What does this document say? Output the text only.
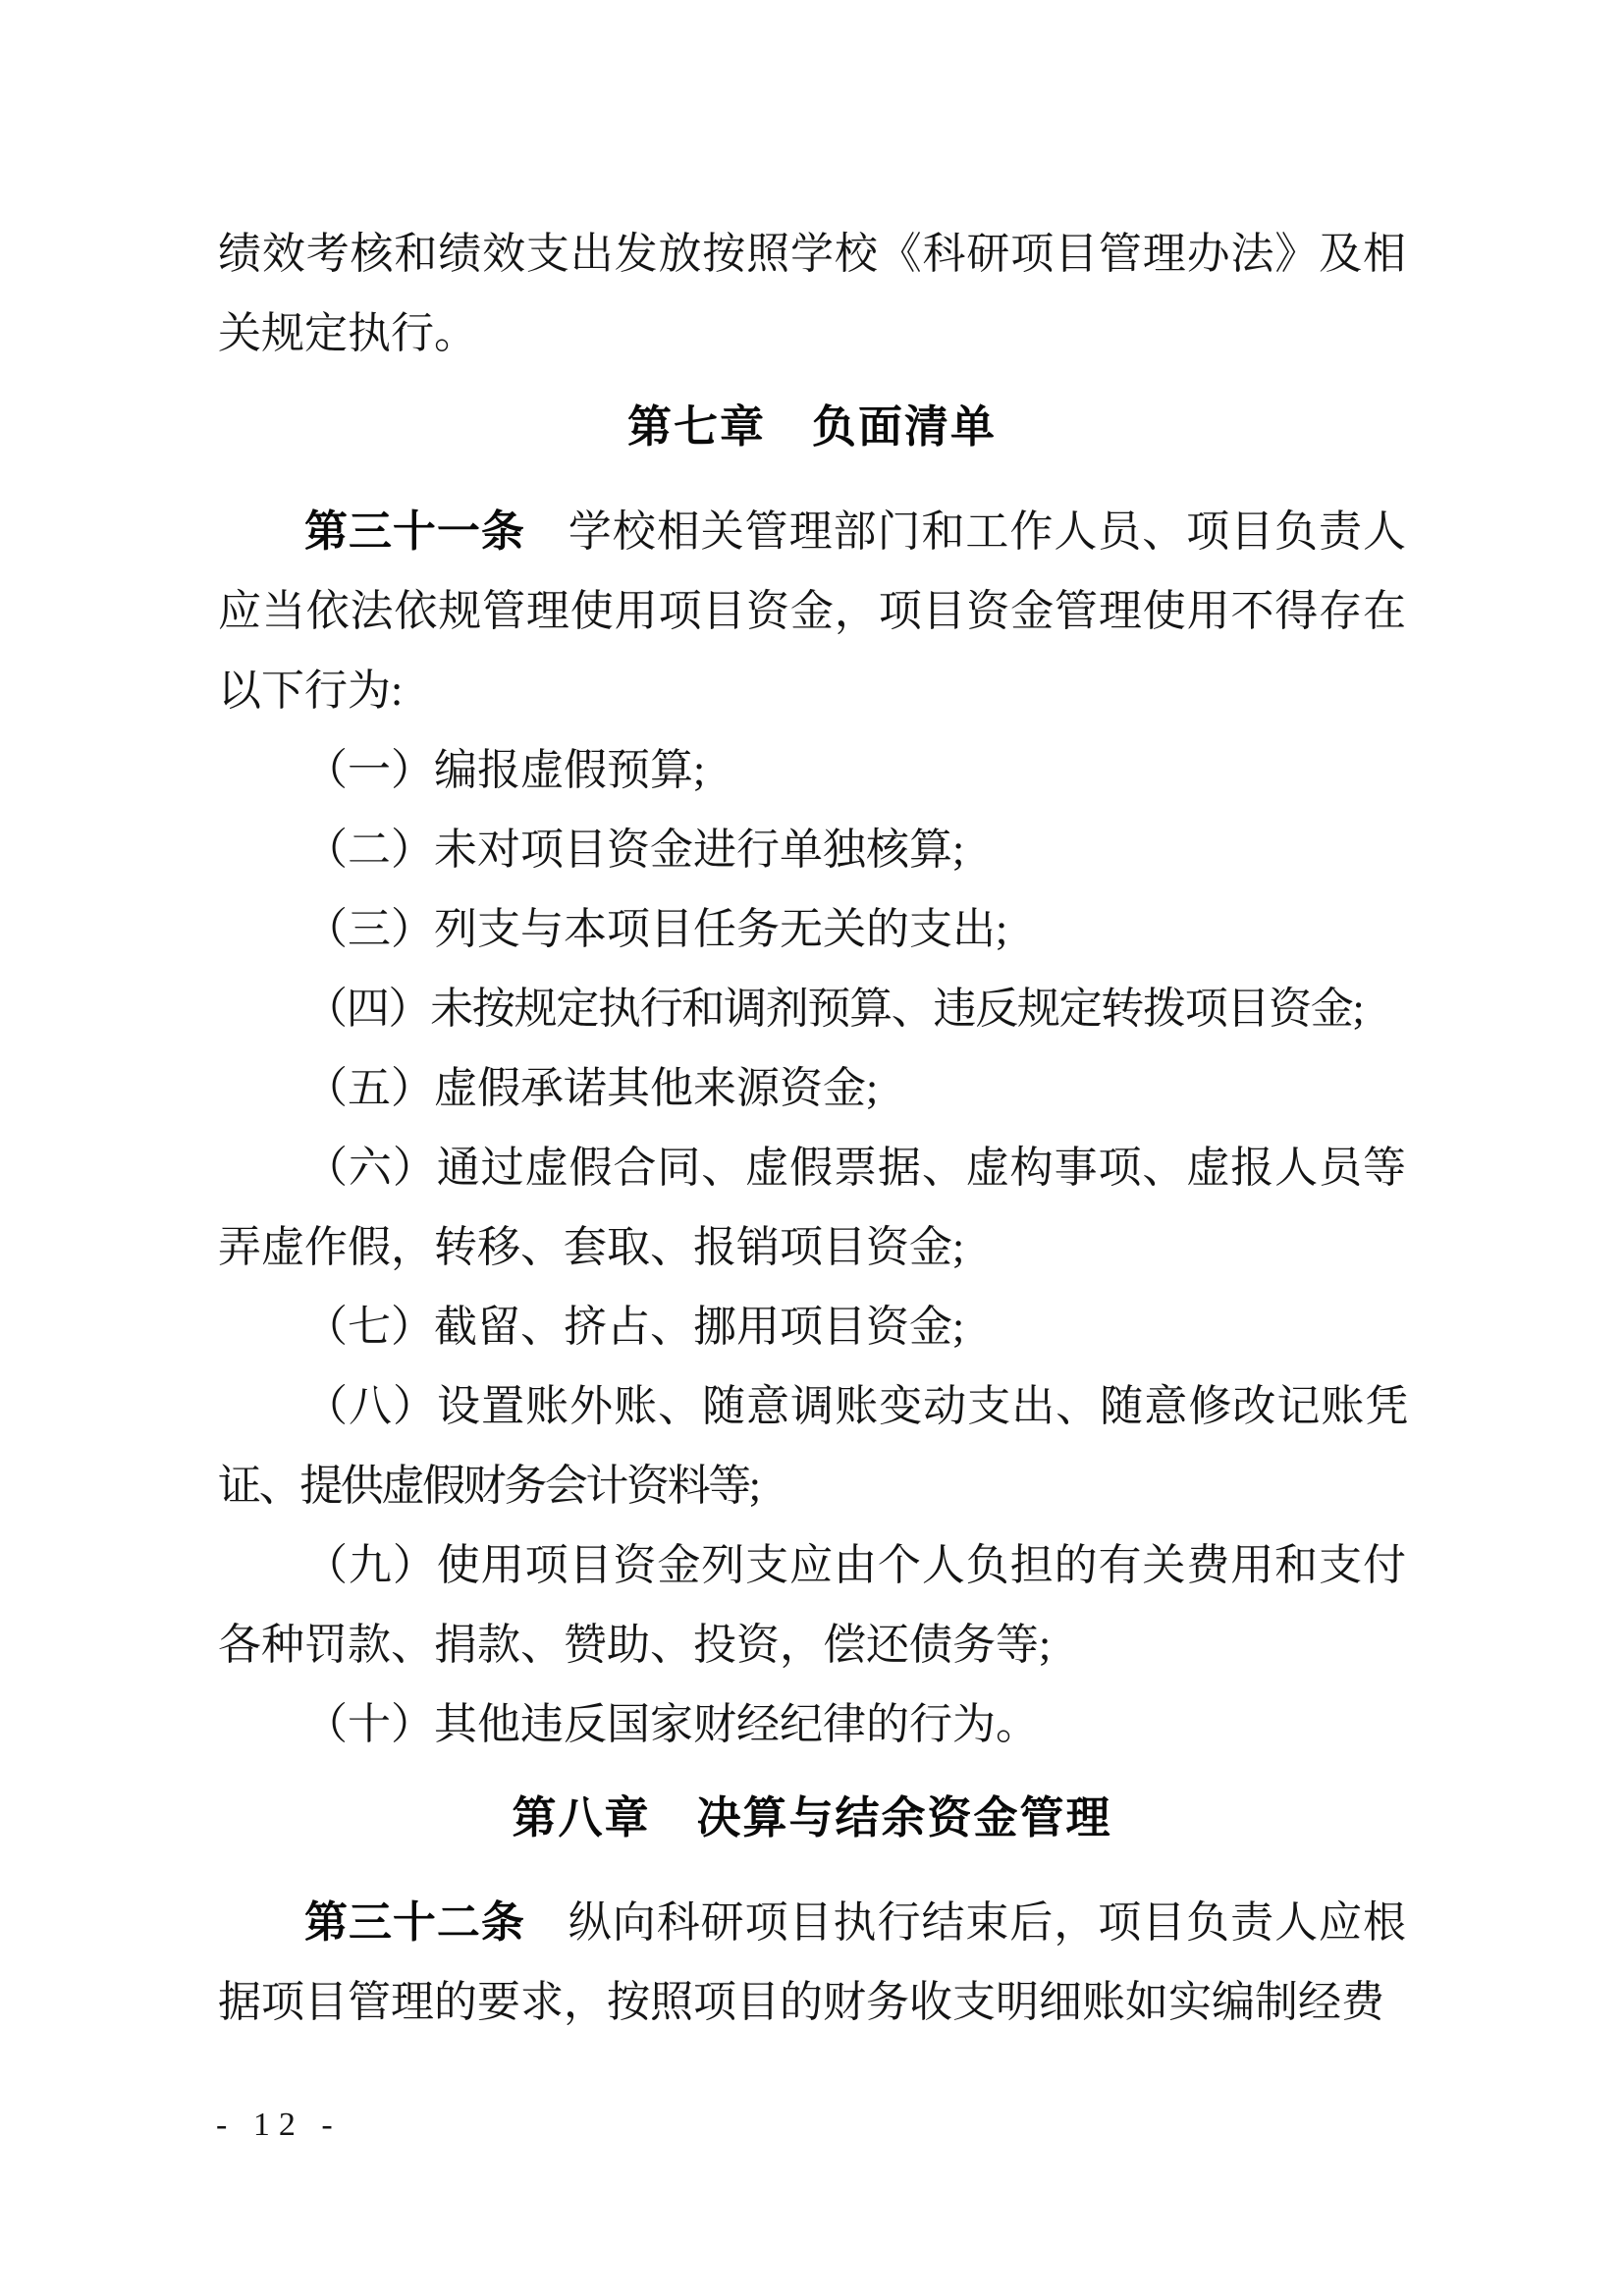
绩效考核和绩效支出发放按照学校《科研项目管理办法》及相关规定执行。

第七章　负面清单

第三十一条 学校相关管理部门和工作人员、项目负责人应当依法依规管理使用项目资金，项目资金管理使用不得存在以下行为:

（一）编报虚假预算;

（二）未对项目资金进行单独核算;

（三）列支与本项目任务无关的支出;

（四）未按规定执行和调剂预算、违反规定转拨项目资金;

（五）虚假承诺其他来源资金;

（六）通过虚假合同、虚假票据、虚构事项、虚报人员等弄虚作假，转移、套取、报销项目资金;

（七）截留、挤占、挪用项目资金;

（八）设置账外账、随意调账变动支出、随意修改记账凭证、提供虚假财务会计资料等;

（九）使用项目资金列支应由个人负担的有关费用和支付各种罚款、捐款、赞助、投资，偿还债务等;

（十）其他违反国家财经纪律的行为。

第八章　决算与结余资金管理

第三十二条 纵向科研项目执行结束后，项目负责人应根据项目管理的要求，按照项目的财务收支明细账如实编制经费

- 12 -
